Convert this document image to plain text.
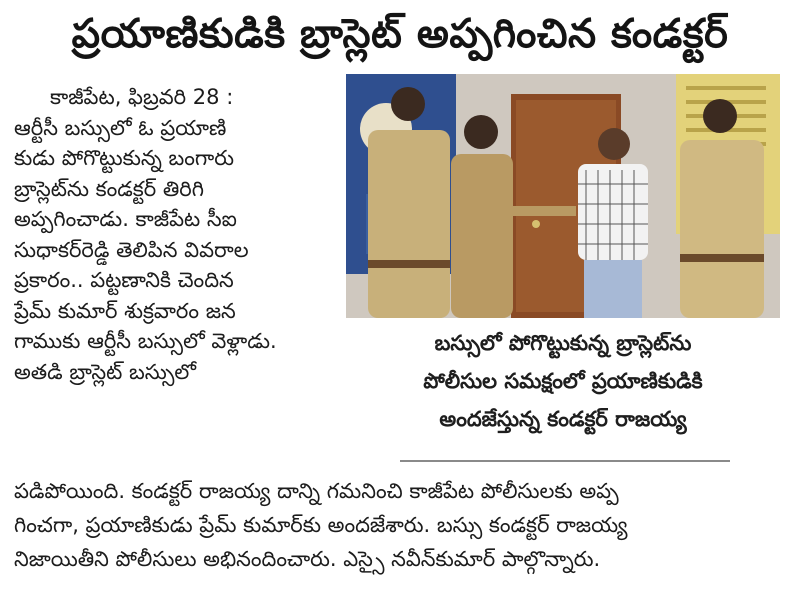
ప్రయాణికుడికి బ్రాస్లెట్ అప్పగించిన కండక్టర్
కాజీపేట, ఫిబ్రవరి 28 :
ఆర్టీసీ బస్సులో ఓ ప్రయాణి
కుడు పోగొట్టుకున్న బంగారు
బ్రాస్లెట్‌ను కండక్టర్ తిరిగి
అప్పగించాడు. కాజీపేట సీఐ
సుధాకర్‌రెడ్డి తెలిపిన వివరాల
ప్రకారం.. పట్టణానికి చెందిన
ప్రేమ్ కుమార్ శుక్రవారం జన
గాముకు ఆర్టీసీ బస్సులో వెళ్లాడు.
అతడి బ్రాస్లెట్ బస్సులో
బస్సులో పోగొట్టుకున్న బ్రాస్లెట్‌ను
పోలీసుల సమక్షంలో ప్రయాణికుడికి
అందజేస్తున్న కండక్టర్ రాజయ్య
పడిపోయింది. కండక్టర్ రాజయ్య దాన్ని గమనించి కాజీపేట పోలీసులకు అప్ప
గించగా, ప్రయాణికుడు ప్రేమ్ కుమార్‌కు అందజేశారు. బస్సు కండక్టర్ రాజయ్య
నిజాయితీని పోలీసులు అభినందించారు. ఎస్సై నవీన్‌కుమార్ పాల్గొన్నారు.
